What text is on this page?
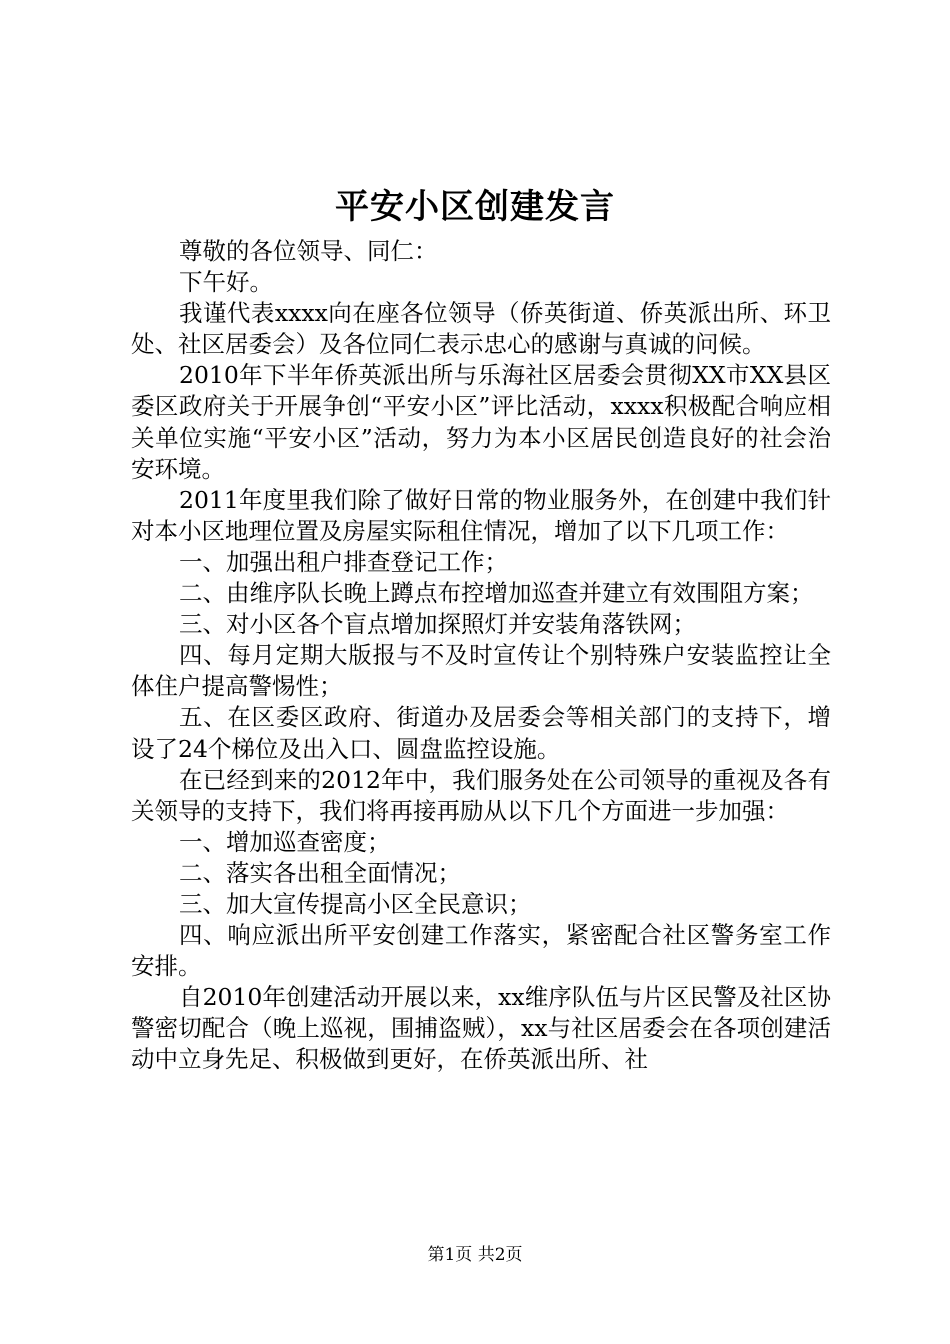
平安小区创建发言

尊敬的各位领导、同仁：

下午好。

我谨代表xxxx向在座各位领导（侨英街道、侨英派出所、环卫处、社区居委会）及各位同仁表示忠心的感谢与真诚的问候。

2010年下半年侨英派出所与乐海社区居委会贯彻XX市XX县区委区政府关于开展争创“平安小区”评比活动，xxxx积极配合响应相关单位实施“平安小区”活动，努力为本小区居民创造良好的社会治安环境。

2011年度里我们除了做好日常的物业服务外，在创建中我们针对本小区地理位置及房屋实际租住情况，增加了以下几项工作：

一、加强出租户排查登记工作；

二、由维序队长晚上蹲点布控增加巡查并建立有效围阻方案；

三、对小区各个盲点增加探照灯并安装角落铁网；

四、每月定期大版报与不及时宣传让个别特殊户安装监控让全体住户提高警惕性；

五、在区委区政府、街道办及居委会等相关部门的支持下，增设了24个梯位及出入口、圆盘监控设施。

在已经到来的2012年中，我们服务处在公司领导的重视及各有关领导的支持下，我们将再接再励从以下几个方面进一步加强：

一、增加巡查密度；

二、落实各出租全面情况；

三、加大宣传提高小区全民意识；

四、响应派出所平安创建工作落实，紧密配合社区警务室工作安排。

自2010年创建活动开展以来，xx维序队伍与片区民警及社区协警密切配合（晚上巡视，围捕盗贼），xx与社区居委会在各项创建活动中立身先足、积极做到更好，在侨英派出所、社

第1页 共2页
